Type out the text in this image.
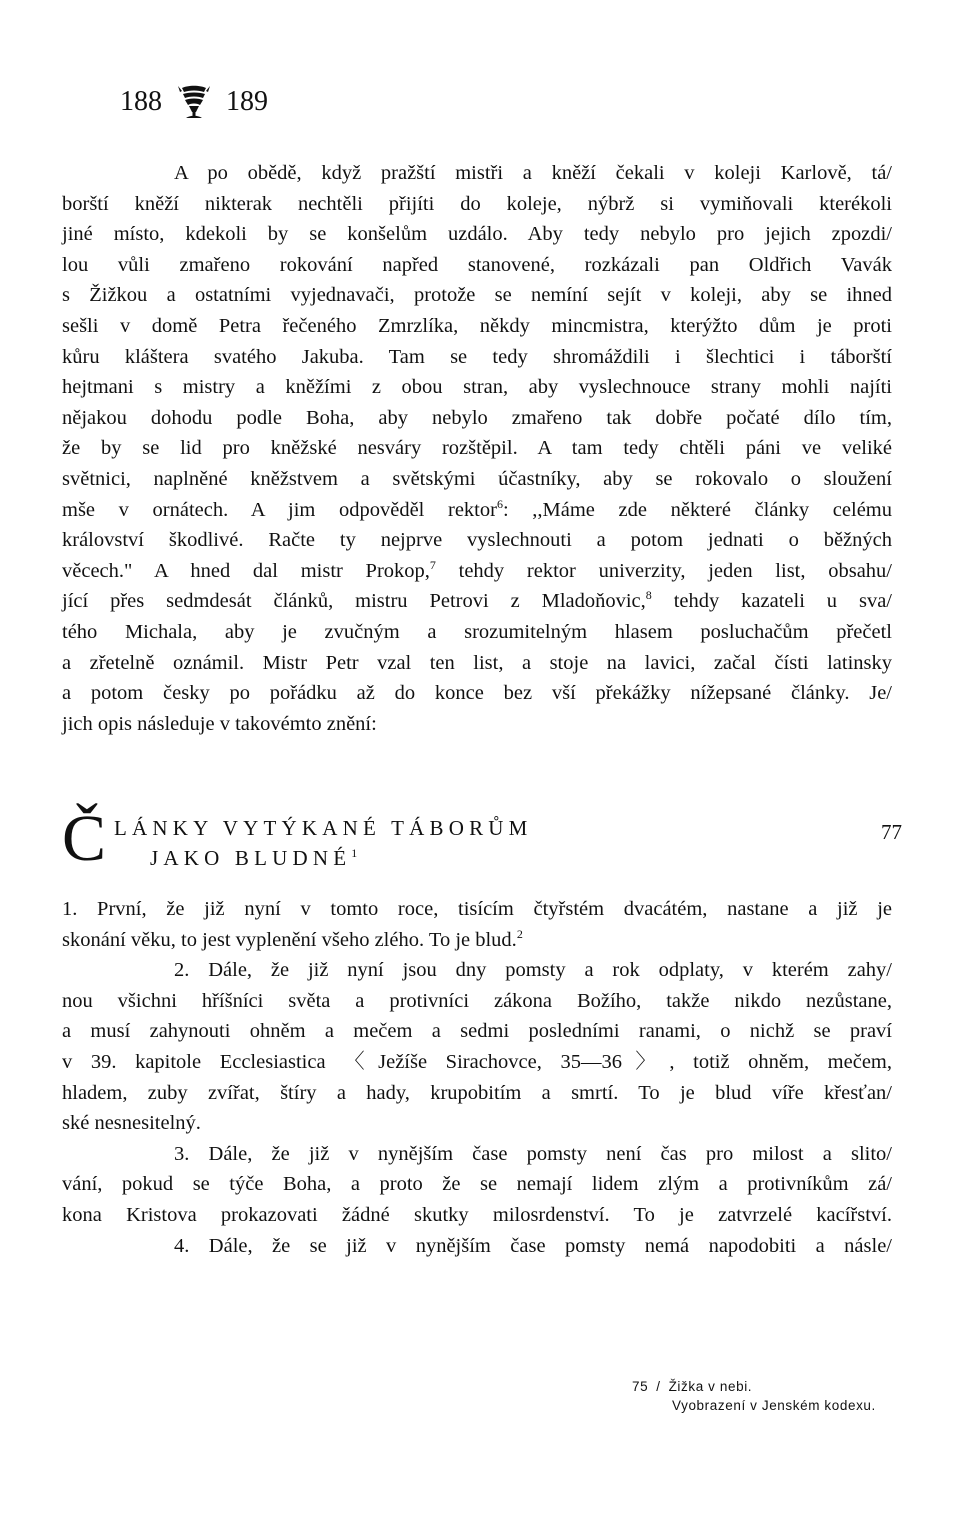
188 189
A po obědě, když pražští mistři a kněží čekali v koleji Karlově, tá/
borští kněží nikterak nechtěli přijíti do koleje, nýbrž si vymiňovali kterékoli
jiné místo, kdekoli by se konšelům uzdálo. Aby tedy nebylo pro jejich zpozdi/
lou vůli zmařeno rokování napřed stanovené, rozkázali pan Oldřich Vavák
s Žižkou a ostatními vyjednavači, protože se nemíní sejít v koleji, aby se ihned
sešli v domě Petra řečeného Zmrzlíka, někdy mincmistra, kterýžto dům je proti
kůru kláštera svatého Jakuba. Tam se tedy shromáždili i šlechtici i táborští
hejtmani s mistry a kněžími z obou stran, aby vyslechnouce strany mohli najíti
nějakou dohodu podle Boha, aby nebylo zmařeno tak dobře počaté dílo tím,
že by se lid pro kněžské nesváry rozštěpil. A tam tedy chtěli páni ve veliké
světnici, naplněné kněžstvem a světskými účastníky, aby se rokovalo o sloužení
mše v ornátech. A jim odpověděl rektor$^6$: ,,Máme zde některé články celému
království škodlivé. Račte ty nejprve vyslechnouti a potom jednati o běžných
věcech." A hned dal mistr Prokop,$^7$ tehdy rektor univerzity, jeden list, obsahu/
jící přes sedmdesát článků, mistru Petrovi z Mladoňovic,$^8$ tehdy kazateli u sva/
tého Michala, aby je zvučným a srozumitelným hlasem posluchačům přečetl
a zřetelně oznámil. Mistr Petr vzal ten list, a stoje na lavici, začal čísti latinsky
a potom česky po pořádku až do konce bez vší překážky nížepsané články. Je/
jich opis následuje v takovémto znění:
Č LÁNKY VYTÝKANÉ TÁBORŮM
JAKO BLUDNÉ$^1$
77
1. První, že již nyní v tomto roce, tisícím čtyřstém dvacátém, nastane a již je
skonání věku, to jest vyplenění všeho zlého. To je blud.$^2$
2. Dále, že již nyní jsou dny pomsty a rok odplaty, v kterém zahy/
nou všichni hříšníci světa a protivníci zákona Božího, takže nikdo nezůstane,
a musí zahynouti ohněm a mečem a sedmi posledními ranami, o nichž se praví
v 39. kapitole Ecclesiastica 〈Ježíše Sirachovce, 35—36〉, totiž ohněm, mečem,
hladem, zuby zvířat, štíry a hady, krupobitím a smrtí. To je blud víře křesťan/
ské nesnesitelný.
3. Dále, že již v nynějším čase pomsty není čas pro milost a slito/
vání, pokud se týče Boha, a proto že se nemají lidem zlým a protivníkům zá/
kona Kristova prokazovati žádné skutky milosrdenství. To je zatvrzelé kacířství.
4. Dále, že se již v nynějším čase pomsty nemá napodobiti a násle/
75 / Žižka v nebi.
Vyobrazení v Jenském kodexu.
